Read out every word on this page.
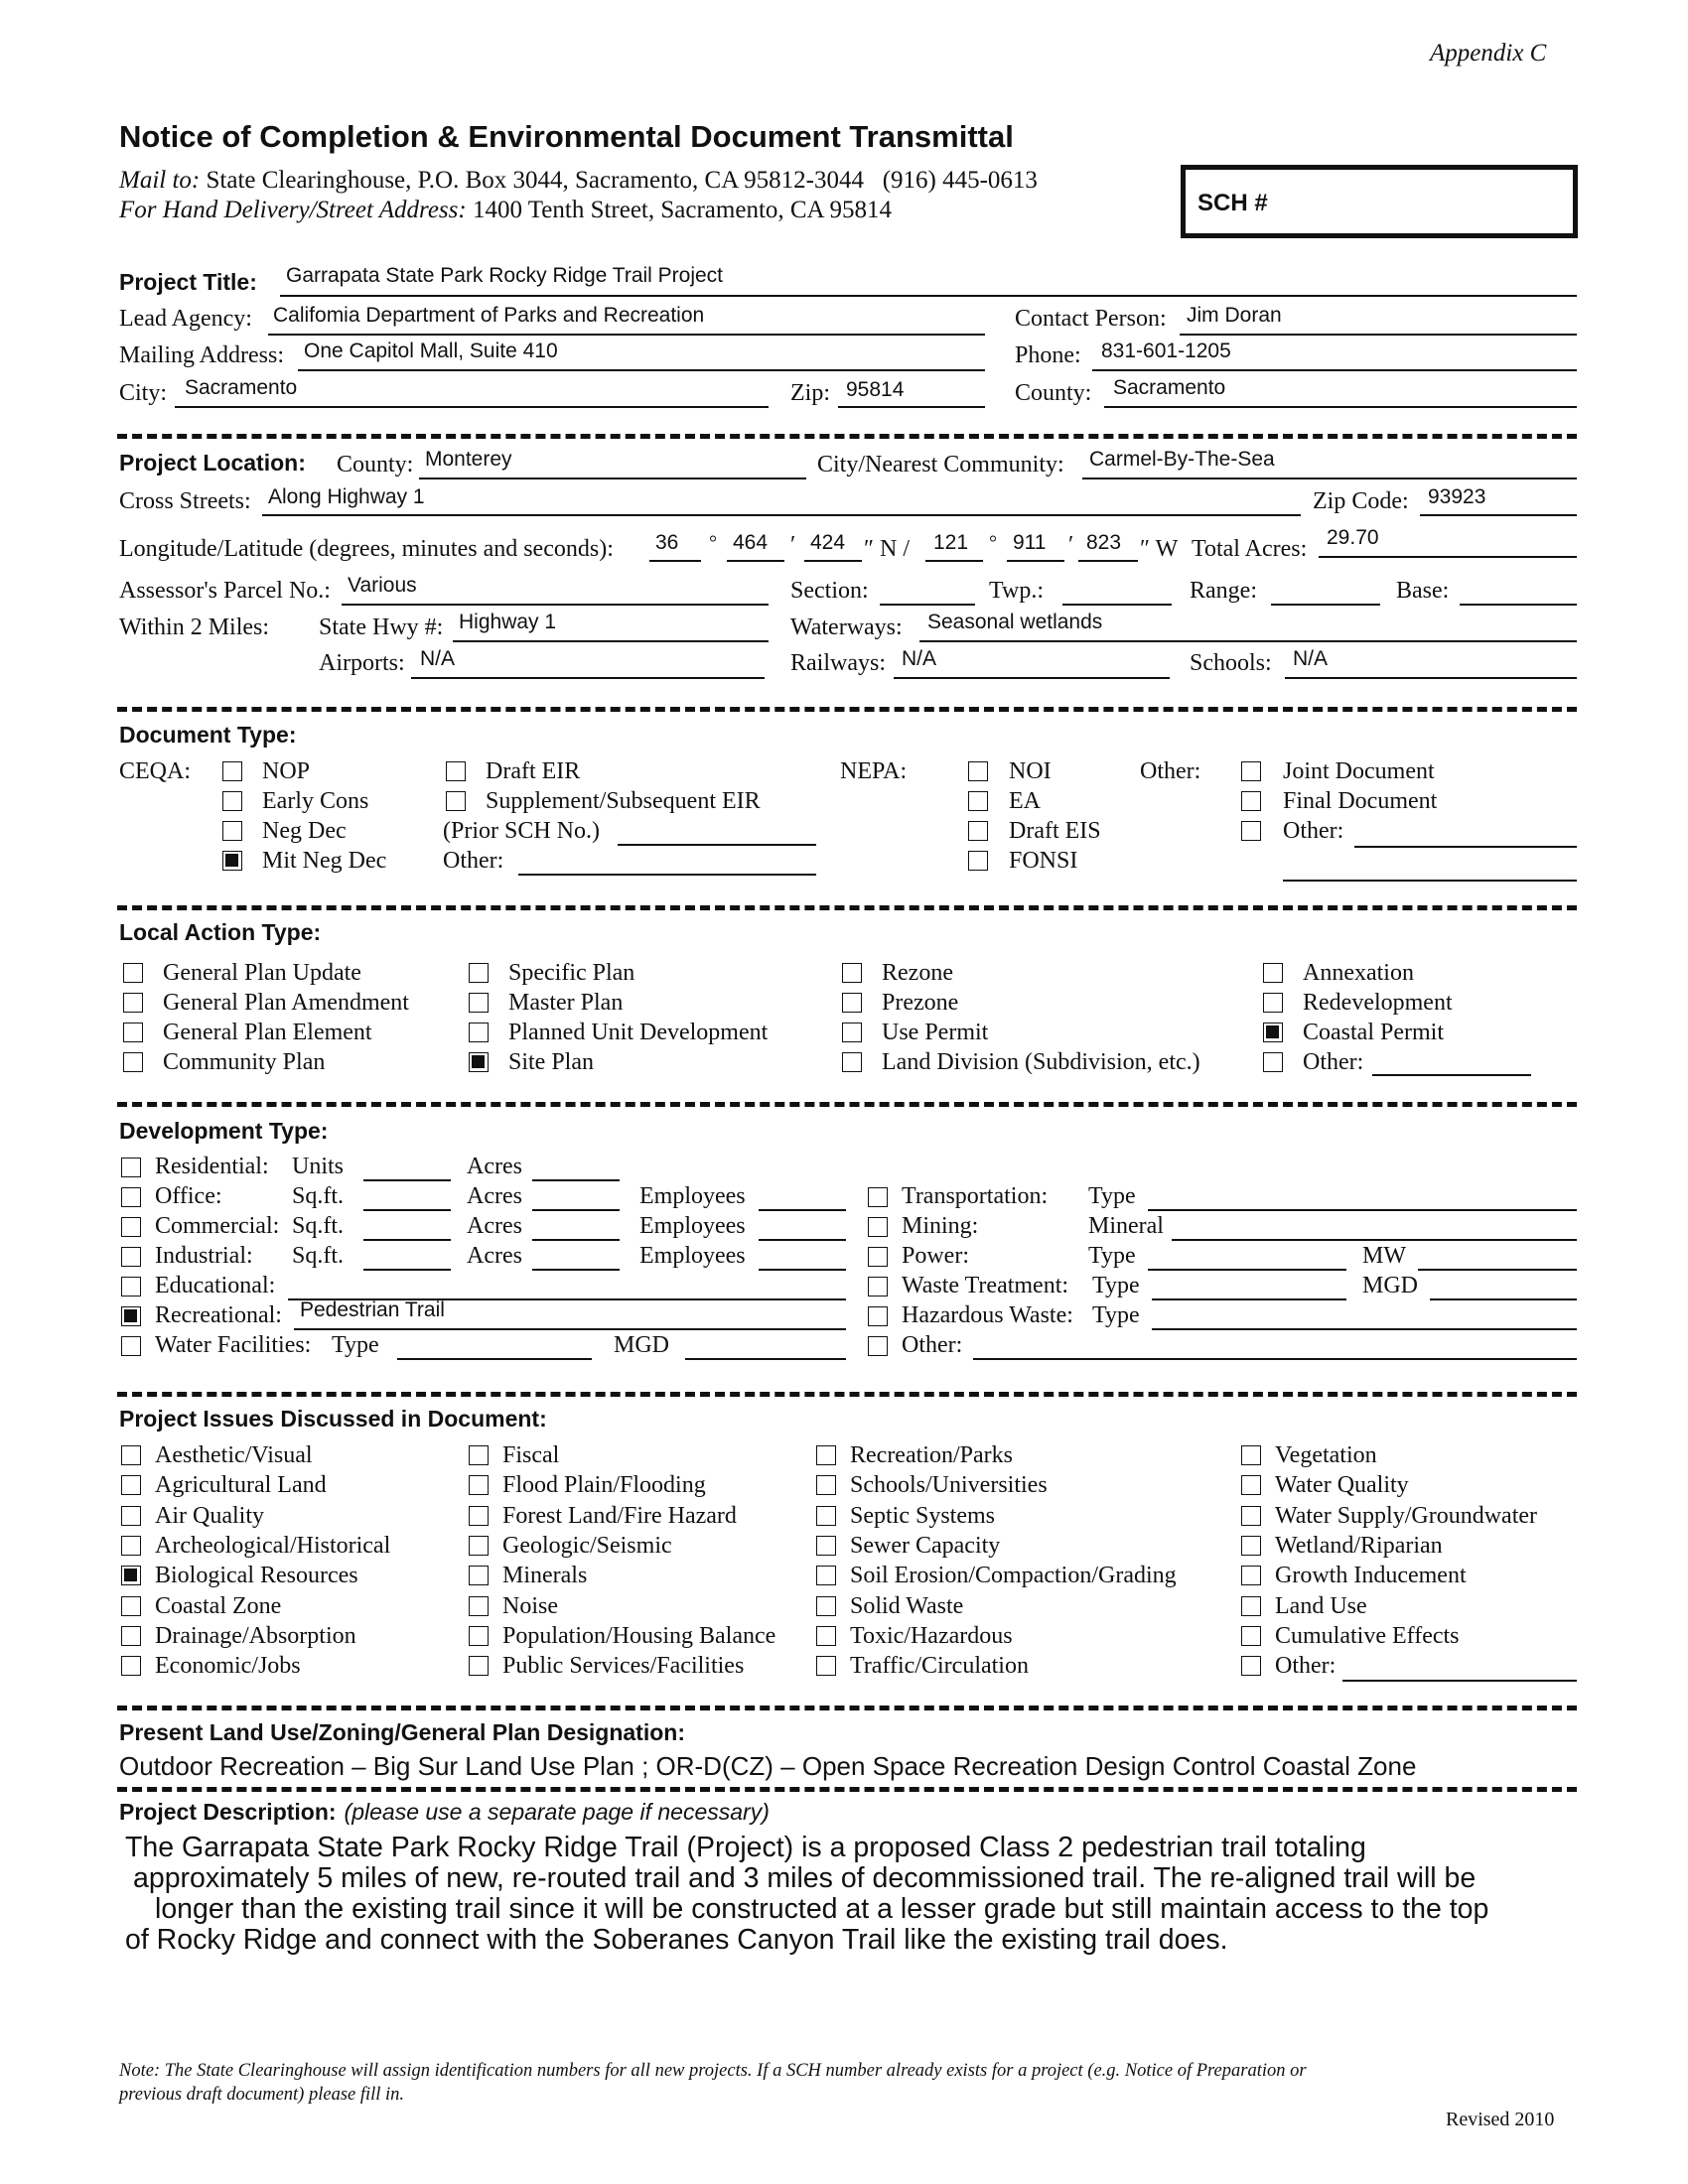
Appendix C
Notice of Completion & Environmental Document Transmittal
Mail to: State Clearinghouse, P.O. Box 3044, Sacramento, CA 95812-3044 (916) 445-0613
For Hand Delivery/Street Address: 1400 Tenth Street, Sacramento, CA 95814	SCH #
Project Title: Garrapata State Park Rocky Ridge Trail Project
Lead Agency: Califomia Department of Parks and Recreation	Contact Person: Jim Doran
Mailing Address: One Capitol Mall, Suite 410	Phone: 831-601-1205
City: Sacramento	Zip: 95814	County: Sacramento
Project Location: County: Monterey	City/Nearest Community: Carmel-By-The-Sea
Cross Streets: Along Highway 1	Zip Code: 93923
Longitude/Latitude (degrees, minutes and seconds): 36 ° 464 ′ 424 ″ N / 121 ° 911 ′ 823 ″ W Total Acres: 29.70
Assessor's Parcel No.: Various	Section:	Twp.:	Range:	Base:
Within 2 Miles: State Hwy #: Highway 1	Waterways: Seasonal wetlands
Airports: N/A	Railways: N/A	Schools: N/A
Document Type:
CEQA:	NOP
Early Cons
Neg Dec
Mit Neg Dec
Draft EIR
Supplement/Subsequent EIR
(Prior SCH No.)
Other:
NEPA:	NOI
EA
Draft EIS
FONSI
Other:	Joint Document
Final Document
Other:
Local Action Type:
General Plan Update
General Plan Amendment
General Plan Element
Community Plan
Specific Plan
Master Plan
Planned Unit Development
Site Plan
Rezone
Prezone
Use Permit
Land Division (Subdivision, etc.)
Annexation
Redevelopment
Coastal Permit
Other:
Development Type:
Residential: Units	Acres
Office:	Sq.ft.	Acres	Employees
Commercial: Sq.ft.	Acres	Employees
Industrial: Sq.ft.	Acres	Employees
Educational:
Recreational: Pedestrian Trail
Water Facilities: Type	MGD
Transportation: Type
Mining:	Mineral
Power:	Type	MW
Waste Treatment: Type	MGD
Hazardous Waste: Type
Other:
Project Issues Discussed in Document:
Aesthetic/Visual
Agricultural Land
Air Quality
Archeological/Historical
Biological Resources
Coastal Zone
Drainage/Absorption
Economic/Jobs
Fiscal
Flood Plain/Flooding
Forest Land/Fire Hazard
Geologic/Seismic
Minerals
Noise
Population/Housing Balance
Public Services/Facilities
Recreation/Parks
Schools/Universities
Septic Systems
Sewer Capacity
Soil Erosion/Compaction/Grading
Solid Waste
Toxic/Hazardous
Traffic/Circulation
Vegetation
Water Quality
Water Supply/Groundwater
Wetland/Riparian
Growth Inducement
Land Use
Cumulative Effects
Other:
Present Land Use/Zoning/General Plan Designation:
Outdoor Recreation – Big Sur Land Use Plan ; OR-D(CZ) – Open Space Recreation Design Control Coastal Zone
Project Description: (please use a separate page if necessary)
The Garrapata State Park Rocky Ridge Trail (Project) is a proposed Class 2 pedestrian trail totaling
approximately 5 miles of new, re-routed trail and 3 miles of decommissioned trail. The re-aligned trail will be
longer than the existing trail since it will be constructed at a lesser grade but still maintain access to the top
of Rocky Ridge and connect with the Soberanes Canyon Trail like the existing trail does.
Note: The State Clearinghouse will assign identification numbers for all new projects. If a SCH number already exists for a project (e.g. Notice of Preparation or
previous draft document) please fill in.
Revised 2010
